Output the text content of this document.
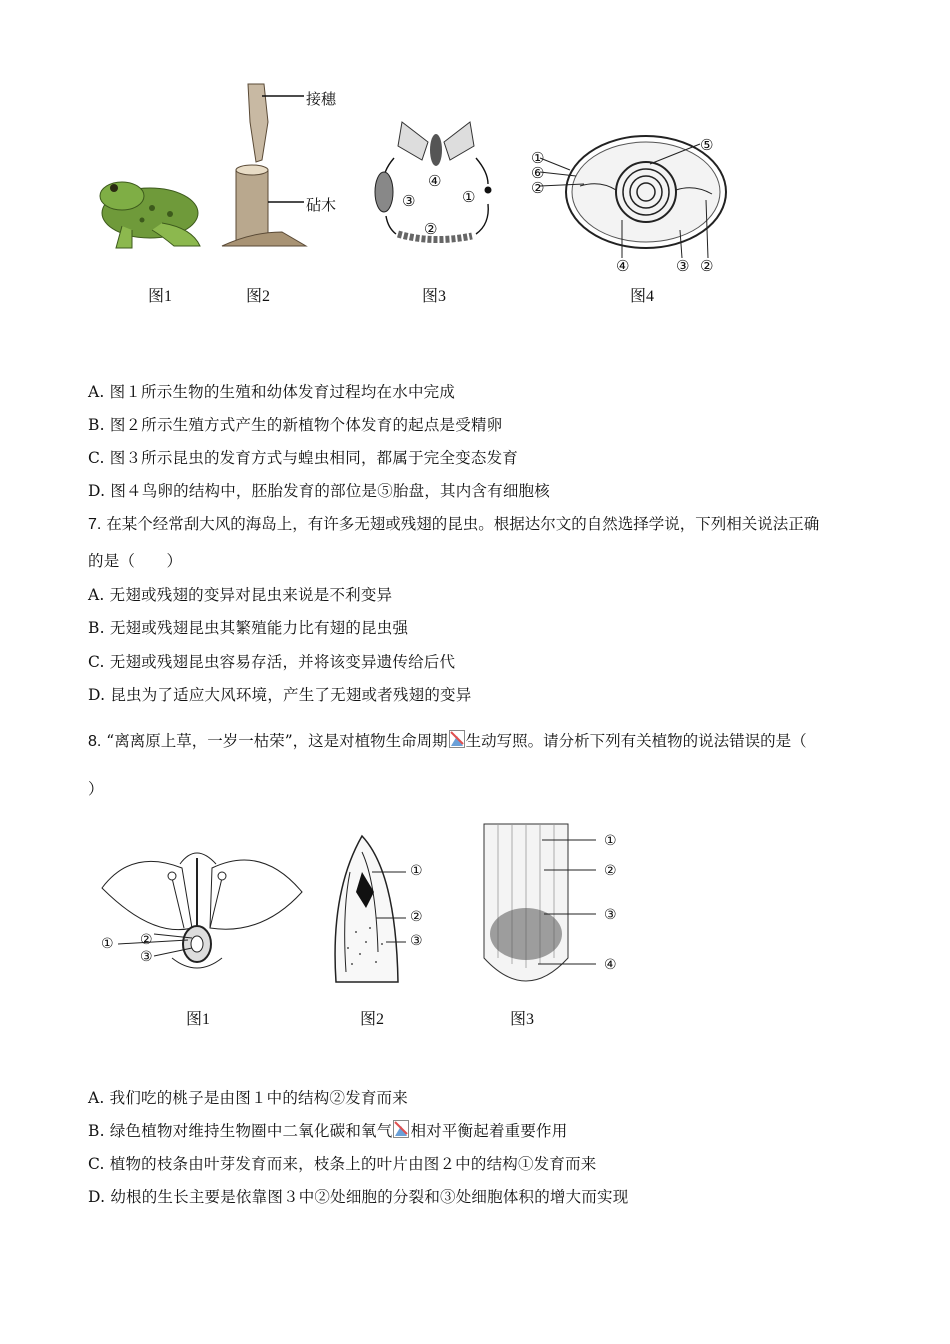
图1
接穗
砧木
图2
④
①
③
②
图3
①
⑥
②
⑤
④	③ ②
图4
A. 图１所示生物的生殖和幼体发育过程均在水中完成
B. 图２所示生殖方式产生的新植物个体发育的起点是受精卵
C. 图３所示昆虫的发育方式与蝗虫相同，都属于完全变态发育
D. 图４鸟卵的结构中，胚胎发育的部位是⑤胎盘，其内含有细胞核
7. 在某个经常刮大风的海岛上，有许多无翅或残翅的昆虫。根据达尔文的自然选择学说，下列相关说法正确
的是（　　）
A. 无翅或残翅的变异对昆虫来说是不利变异
B. 无翅或残翅昆虫其繁殖能力比有翅的昆虫强
C. 无翅或残翅昆虫容易存活，并将该变异遗传给后代
D. 昆虫为了适应大风环境，产生了无翅或者残翅的变异
8. “离离原上草，一岁一枯荣”，这是对植物生命周期 生动写照。请分析下列有关植物的说法错误的是（
）
① ②
③
图1
①
②
③
图2
①
②
③
④
图3
A. 我们吃的桃子是由图１中的结构②发育而来
B. 绿色植物对维持生物圈中二氧化碳和氧气 相对平衡起着重要作用
C. 植物的枝条由叶芽发育而来，枝条上的叶片由图２中的结构①发育而来
D. 幼根的生长主要是依靠图３中②处细胞的分裂和③处细胞体积的增大而实现
